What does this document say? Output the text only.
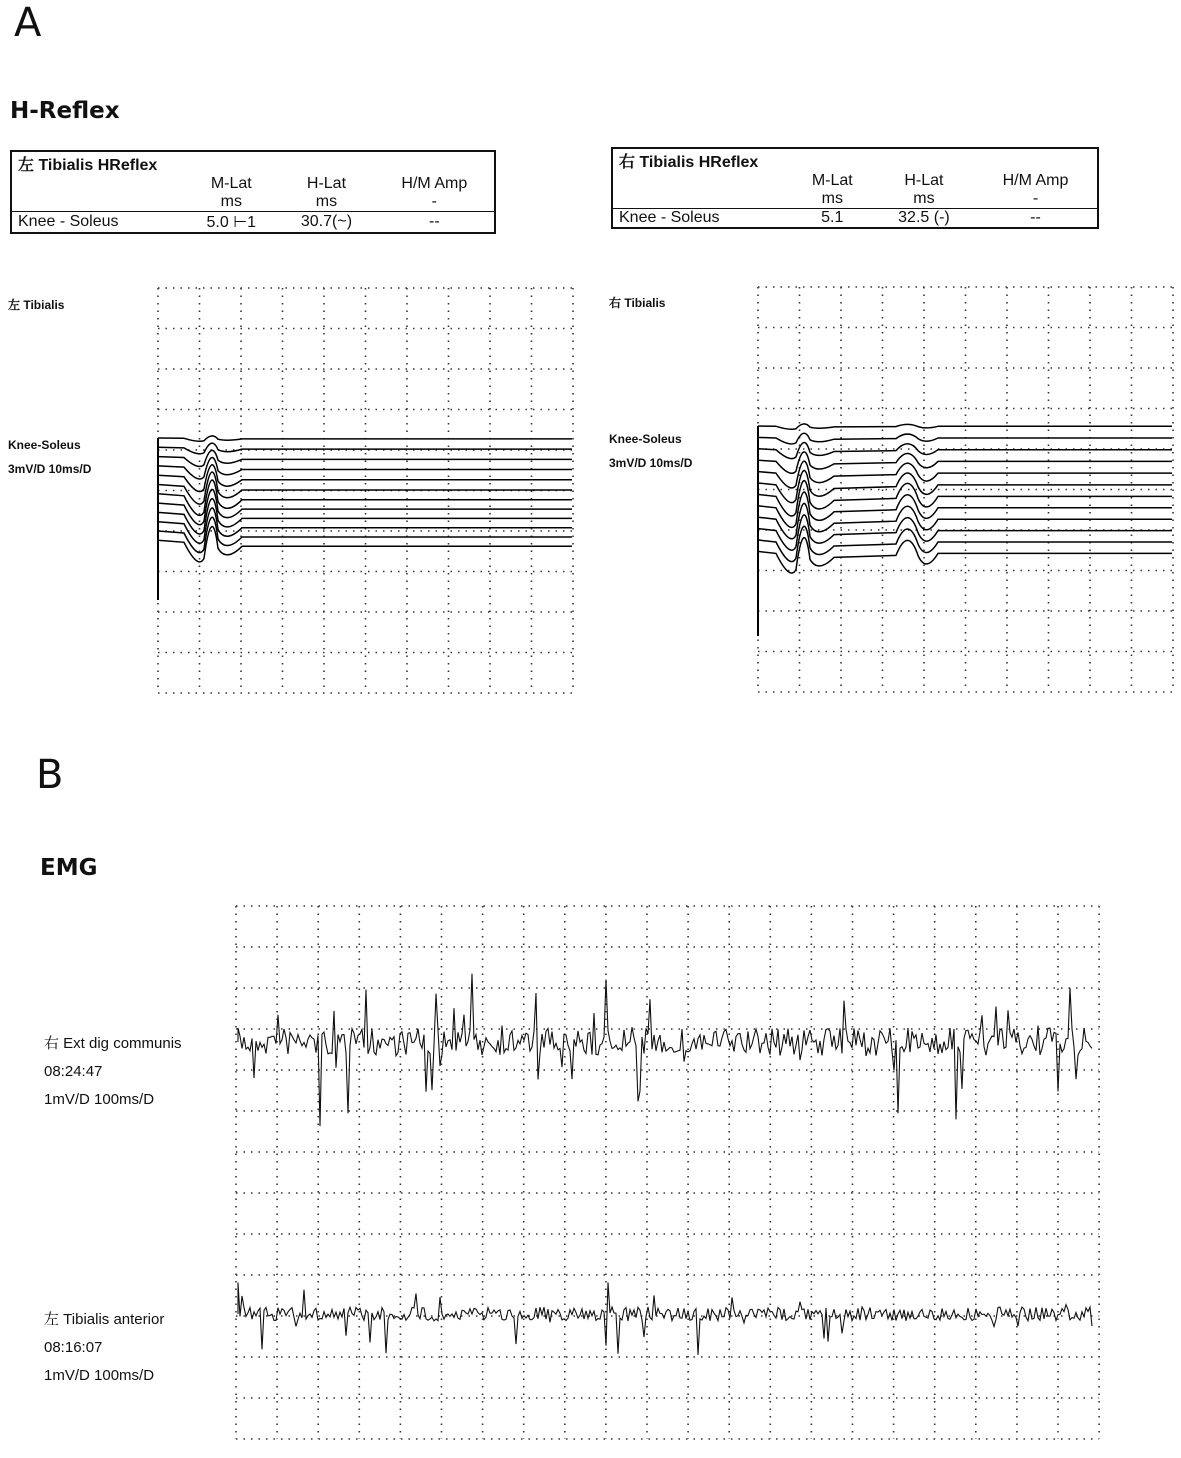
A
H-Reflex
左 Tibialis HReflex			
	M-Lat	H-Lat	H/M Amp
	ms	ms	-
Knee - Soleus	5.0 ⊢1	30.7(~)	--
右 Tibialis HReflex			
	M-Lat	H-Lat	H/M Amp
	ms	ms	-
Knee - Soleus	5.1	32.5 (-)	--
左 Tibialis
Knee-Soleus
3mV/D 10ms/D
右 Tibialis
Knee-Soleus
3mV/D 10ms/D
B
EMG
右 Ext dig communis
08:24:47
1mV/D 100ms/D
左 Tibialis anterior
08:16:07
1mV/D 100ms/D
